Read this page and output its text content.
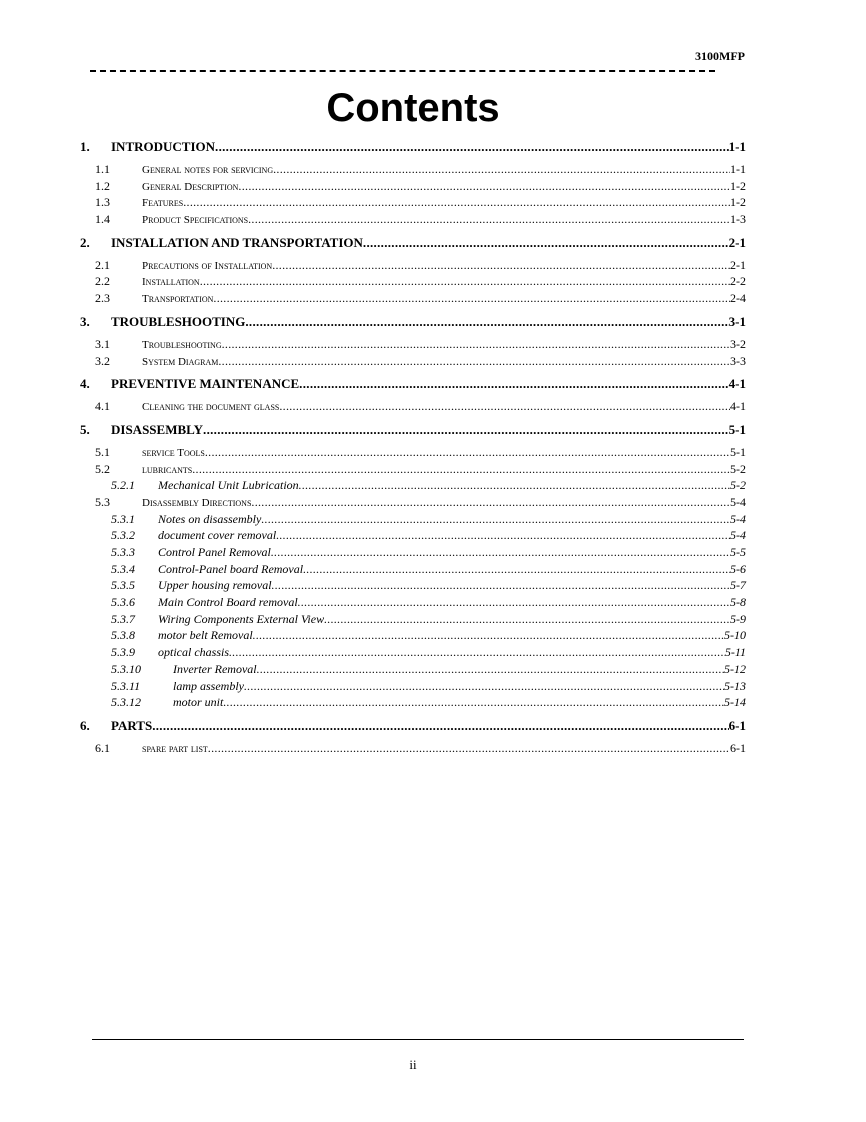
3100MFP
Contents
1.	INTRODUCTION .....	1-1
1.1	General notes for servicing .....	1-1
1.2	General Description .....	1-2
1.3	Features .....	1-2
1.4	Product Specifications .....	1-3
2.	INSTALLATION AND TRANSPORTATION .....	2-1
2.1	Precautions of Installation .....	2-1
2.2	Installation .....	2-2
2.3	Transportation .....	2-4
3.	TROUBLESHOOTING .....	3-1
3.1	Troubleshooting .....	3-2
3.2	System Diagram .....	3-3
4.	PREVENTIVE MAINTENANCE .....	4-1
4.1	Cleaning the document glass .....	4-1
5.	DISASSEMBLY .....	5-1
5.1	service Tools .....	5-1
5.2	lubricants .....	5-2
5.2.1	Mechanical Unit Lubrication .....	5-2
5.3	Disassembly Directions .....	5-4
5.3.1	Notes on disassembly .....	5-4
5.3.2	document cover removal .....	5-4
5.3.3	Control Panel Removal .....	5-5
5.3.4	Control-Panel board Removal .....	5-6
5.3.5	Upper housing removal .....	5-7
5.3.6	Main Control Board removal .....	5-8
5.3.7	Wiring Components External View .....	5-9
5.3.8	motor belt Removal .....	5-10
5.3.9	optical chassis .....	5-11
5.3.10	Inverter Removal .....	5-12
5.3.11	lamp assembly .....	5-13
5.3.12	motor unit .....	5-14
6.	PARTS .....	6-1
6.1	spare part list .....	6-1
ii
